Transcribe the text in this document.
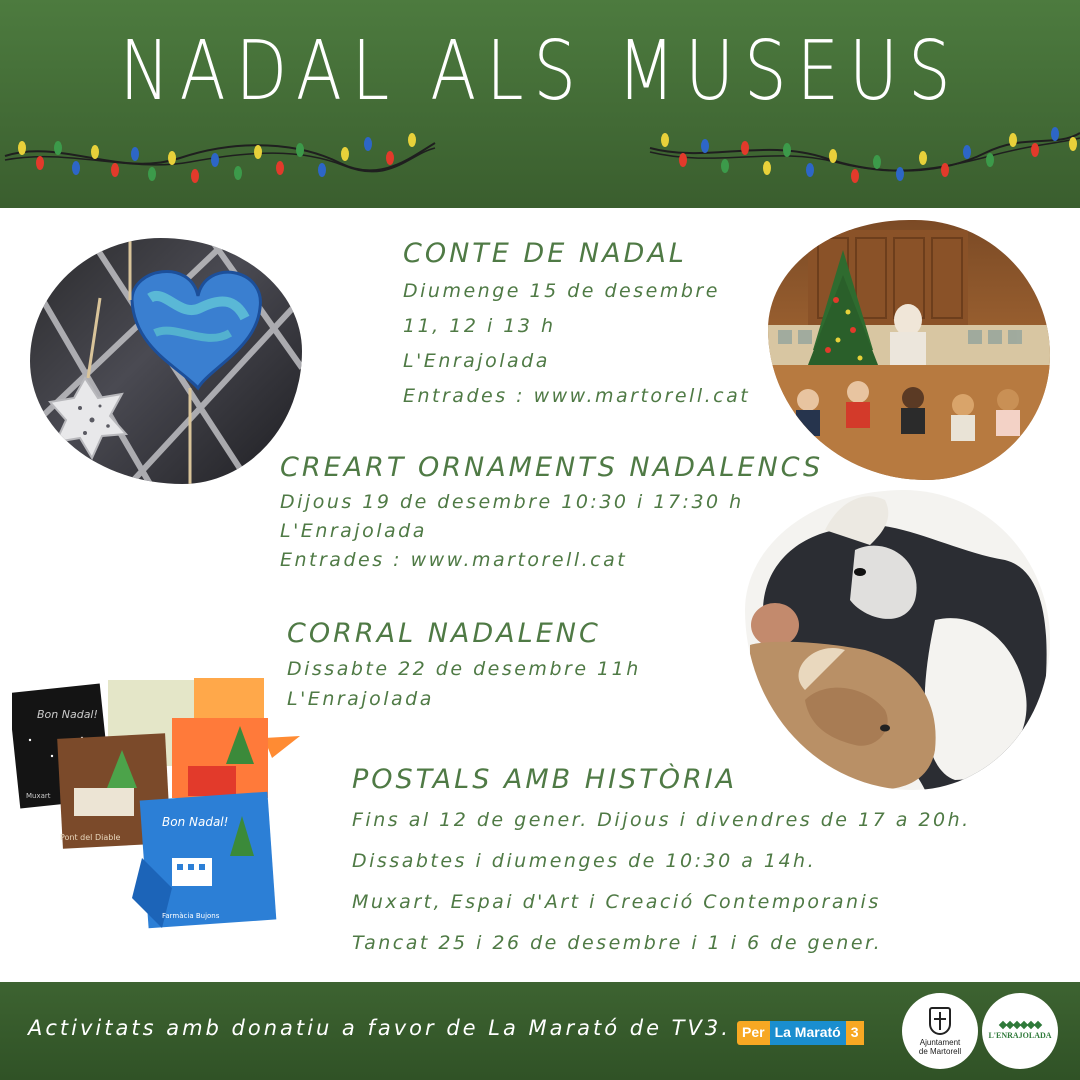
NADAL ALS MUSEUS
Bon Nadal!
Muxart
Pont del Diable
Bon Nadal!
Farmàcia Bujons
CONTE DE NADAL
Diumenge 15 de desembre
11, 12 i 13 h
L'Enrajolada
Entrades : www.martorell.cat
CREART ORNAMENTS NADALENCS
Dijous 19 de desembre 10:30 i 17:30 h
L'Enrajolada
Entrades : www.martorell.cat
CORRAL NADALENC
Dissabte 22 de desembre 11h
L'Enrajolada
POSTALS AMB HISTÒRIA
Fins al 12 de gener. Dijous i divendres de 17 a 20h.
Dissabtes i diumenges de 10:30 a 14h.
Muxart, Espai d'Art i Creació Contemporanis
Tancat 25 i 26 de desembre i 1 i 6 de gener.
Activitats amb donatiu a favor de La Marató de TV3. Per La Marató 3
Ajuntament
de Martorell
L'ENRAJOLADA
